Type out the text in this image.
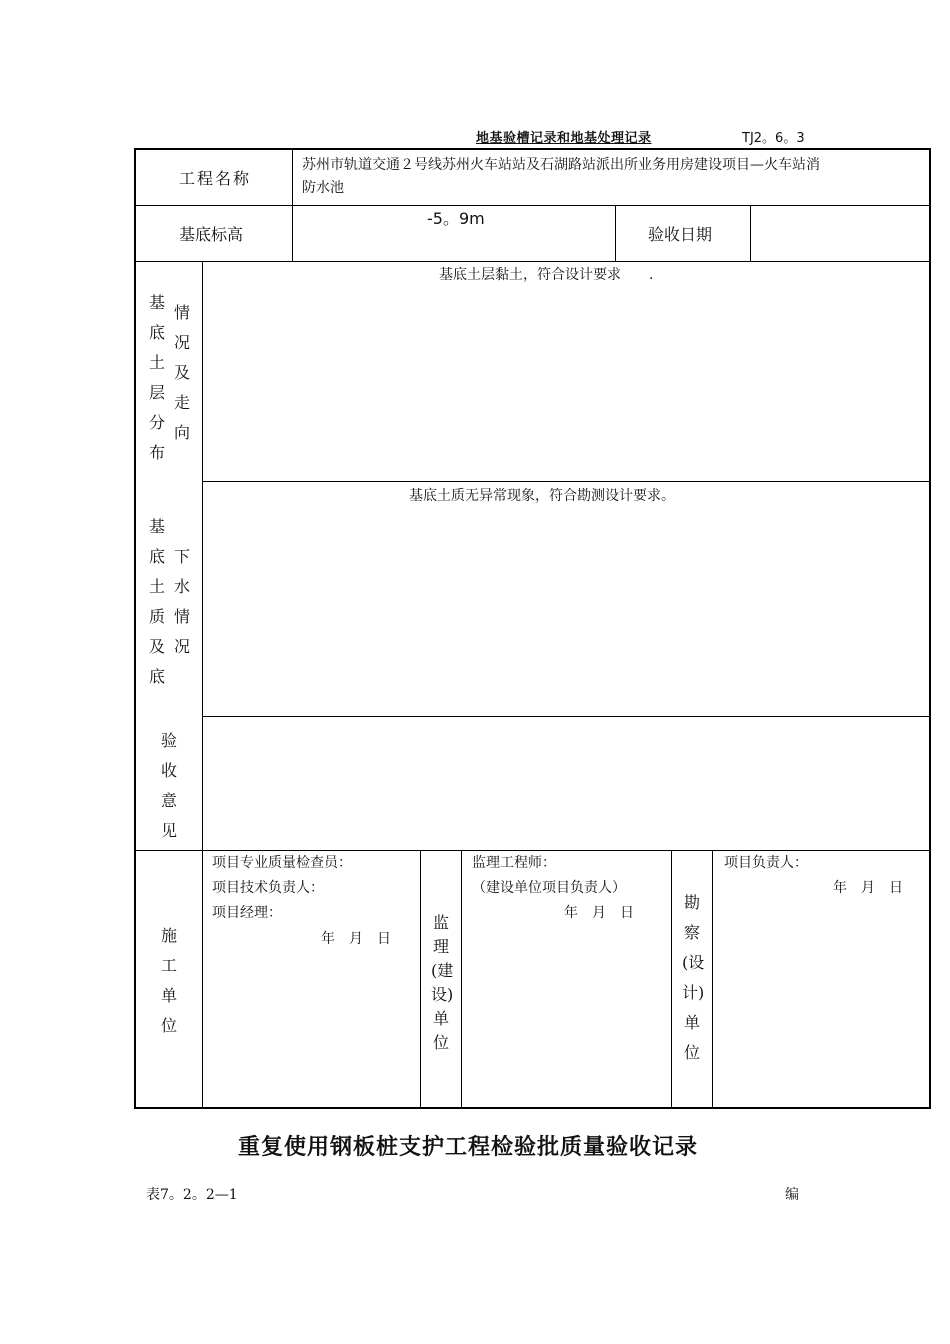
地基验槽记录和地基处理记录	TJ2。6。3
工程名称
苏州市轨道交通２号线苏州火车站站及石湖路站派出所业务用房建设项目—火车站消
防水池
基底标高
-5。9m
验收日期
基底土层分布
情况及走向
基底土层黏土，符合设计要求　　.
基底土质及底
下水情况
基底土质无异常现象，符合勘测设计要求。
验收意见
施工单位
项目专业质量检查员：
项目技术负责人：
项目经理：
年　月　日
监理(建设)单位
监理工程师：
（建设单位项目负责人）
年　月　日
勘察(设计)单位
项目负责人：
年　月　日
重复使用钢板桩支护工程检验批质量验收记录
表7。2。2—1	编
